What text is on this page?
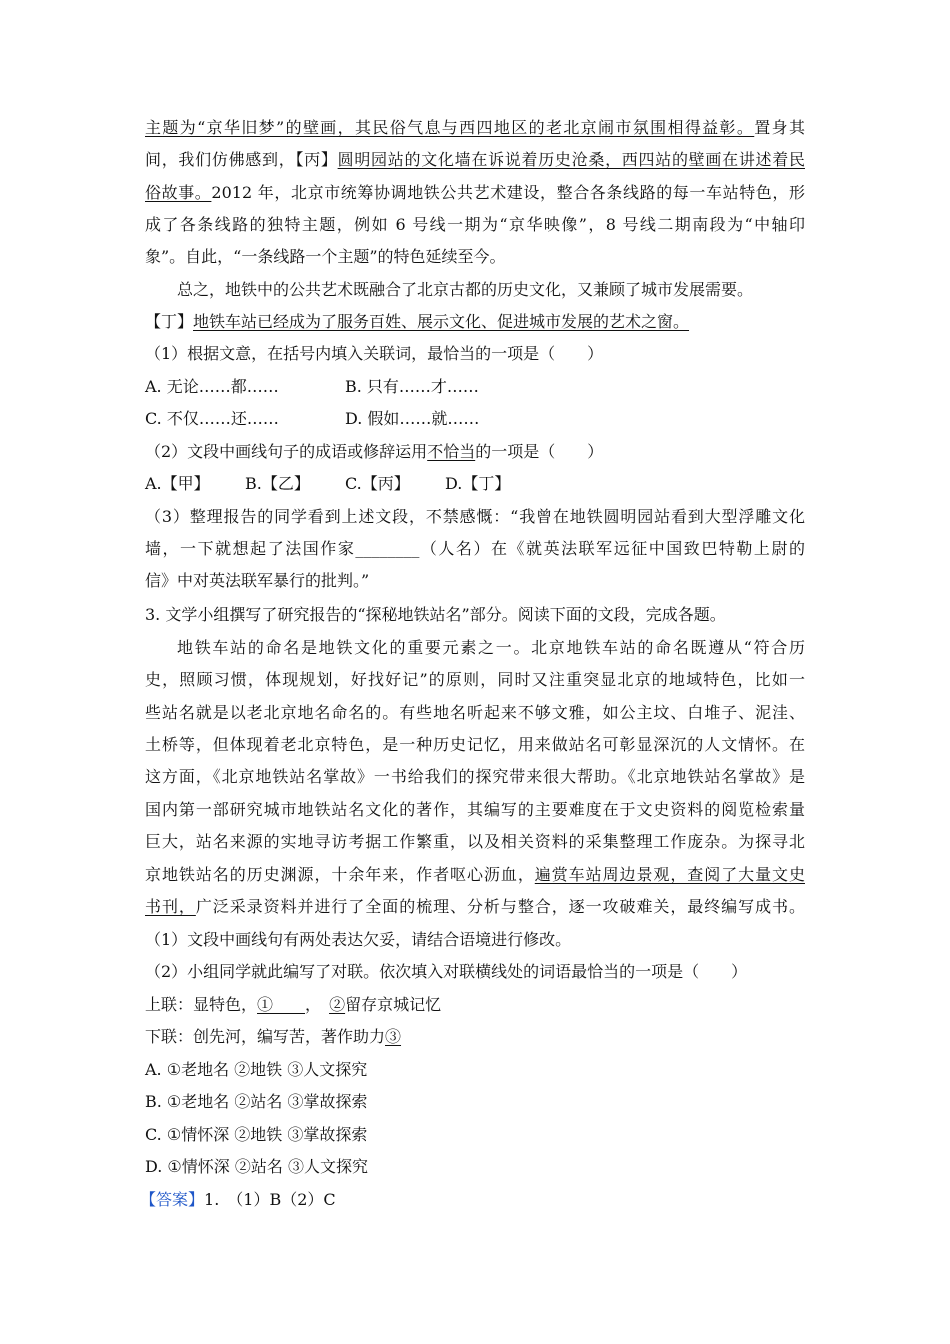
主题为“京华旧梦”的壁画，其民俗气息与西四地区的老北京闹市氛围相得益彰。置身其
间，我们仿佛感到，【丙】圆明园站的文化墙在诉说着历史沧桑，西四站的壁画在讲述着民
俗故事。2012 年，北京市统筹协调地铁公共艺术建设，整合各条线路的每一车站特色，形
成了各条线路的独特主题，例如 6 号线一期为“京华映像”，8 号线二期南段为“中轴印
象”。自此，“一条线路一个主题”的特色延续至今。
总之，地铁中的公共艺术既融合了北京古都的历史文化，又兼顾了城市发展需要。
【丁】地铁车站已经成为了服务百姓、展示文化、促进城市发展的艺术之窗。
（1）根据文意，在括号内填入关联词，最恰当的一项是（　　）
A. 无论……都……	B. 只有……才……
C. 不仅……还……	D. 假如……就……
（2）文段中画线句子的成语或修辞运用不恰当的一项是（　　）
A.【甲】 B.【乙】 C.【丙】 D.【丁】
（3）整理报告的同学看到上述文段，不禁感慨：“我曾在地铁圆明园站看到大型浮雕文化
墙，一下就想起了法国作家________（人名）在《就英法联军远征中国致巴特勒上尉的
信》中对英法联军暴行的批判。”
3. 文学小组撰写了研究报告的“探秘地铁站名”部分。阅读下面的文段，完成各题。
地铁车站的命名是地铁文化的重要元素之一。北京地铁车站的命名既遵从“符合历
史，照顾习惯，体现规划，好找好记”的原则，同时又注重突显北京的地域特色，比如一
些站名就是以老北京地名命名的。有些地名听起来不够文雅，如公主坟、白堆子、泥洼、
土桥等，但体现着老北京特色，是一种历史记忆，用来做站名可彰显深沉的人文情怀。在
这方面，《北京地铁站名掌故》一书给我们的探究带来很大帮助。《北京地铁站名掌故》是
国内第一部研究城市地铁站名文化的著作，其编写的主要难度在于文史资料的阅览检索量
巨大，站名来源的实地寻访考据工作繁重，以及相关资料的采集整理工作庞杂。为探寻北
京地铁站名的历史渊源，十余年来，作者呕心沥血，遍赏车站周边景观，查阅了大量文史
书刊，广泛采录资料并进行了全面的梳理、分析与整合，逐一攻破难关，最终编写成书。
（1）文段中画线句有两处表达欠妥，请结合语境进行修改。
（2）小组同学就此编写了对联。依次填入对联横线处的词语最恰当的一项是（　　）
上联：显特色，①　　，　 ②留存京城记忆
下联：创先河，编写苦，著作助力③
A. ①老地名 ②地铁 ③人文探究
B. ①老地名 ②站名 ③掌故探索
C. ①情怀深 ②地铁 ③掌故探索
D. ①情怀深 ②站名 ③人文探究
【答案】1.　（1）B（2）C
